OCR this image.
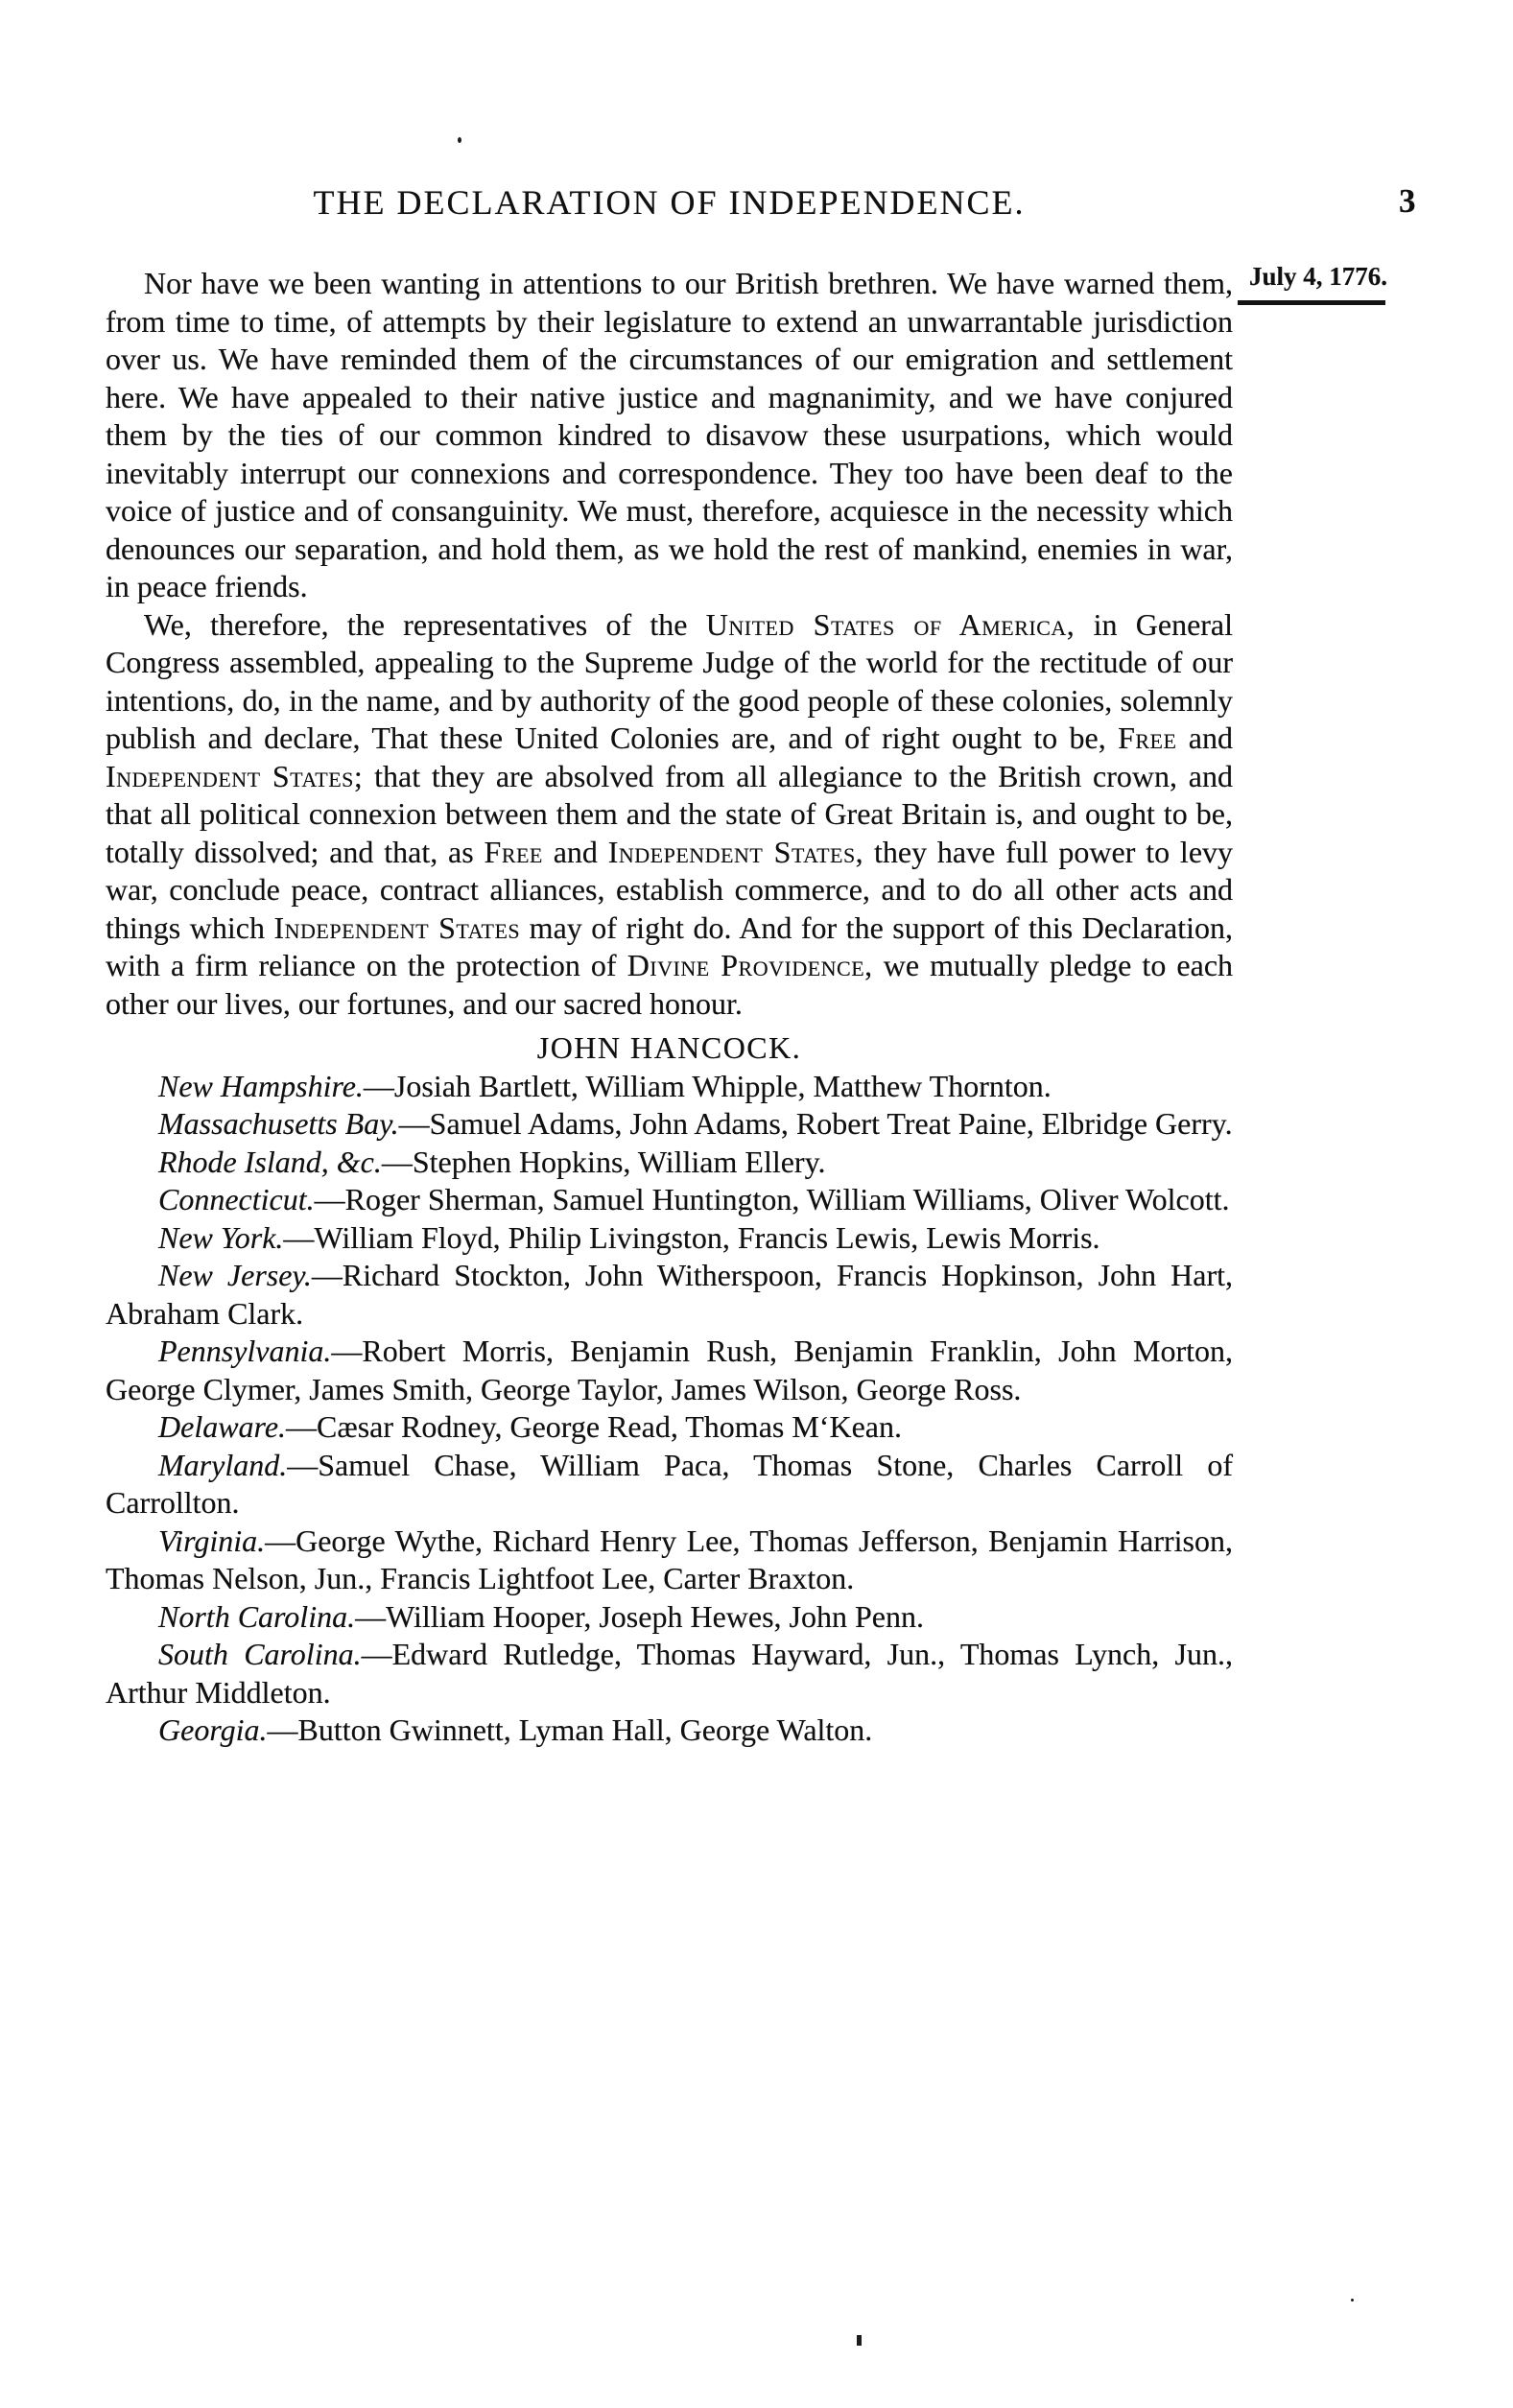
THE DECLARATION OF INDEPENDENCE.	3
July 4, 1776.

Nor have we been wanting in attentions to our British brethren. We have warned them, from time to time, of attempts by their legislature to extend an unwarrantable jurisdiction over us. We have reminded them of the circumstances of our emigration and settlement here. We have appealed to their native justice and magnanimity, and we have conjured them by the ties of our common kindred to disavow these usurpations, which would inevitably interrupt our connexions and correspondence. They too have been deaf to the voice of justice and of consanguinity. We must, therefore, acquiesce in the necessity which denounces our separation, and hold them, as we hold the rest of mankind, enemies in war, in peace friends.

We, therefore, the representatives of the United States of America, in General Congress assembled, appealing to the Supreme Judge of the world for the rectitude of our intentions, do, in the name, and by authority of the good people of these colonies, solemnly publish and declare, That these United Colonies are, and of right ought to be, Free and Independent States; that they are absolved from all allegiance to the British crown, and that all political connexion between them and the state of Great Britain is, and ought to be, totally dissolved; and that, as Free and Independent States, they have full power to levy war, conclude peace, contract alliances, establish commerce, and to do all other acts and things which Independent States may of right do. And for the support of this Declaration, with a firm reliance on the protection of Divine Providence, we mutually pledge to each other our lives, our fortunes, and our sacred honour.

JOHN HANCOCK.

New Hampshire.—Josiah Bartlett, William Whipple, Matthew Thornton.

Massachusetts Bay.—Samuel Adams, John Adams, Robert Treat Paine, Elbridge Gerry.

Rhode Island, &c.—Stephen Hopkins, William Ellery.

Connecticut.—Roger Sherman, Samuel Huntington, William Williams, Oliver Wolcott.

New York.—William Floyd, Philip Livingston, Francis Lewis, Lewis Morris.

New Jersey.—Richard Stockton, John Witherspoon, Francis Hopkinson, John Hart, Abraham Clark.

Pennsylvania.—Robert Morris, Benjamin Rush, Benjamin Franklin, John Morton, George Clymer, James Smith, George Taylor, James Wilson, George Ross.

Delaware.—Cæsar Rodney, George Read, Thomas M‘Kean.

Maryland.—Samuel Chase, William Paca, Thomas Stone, Charles Carroll of Carrollton.

Virginia.—George Wythe, Richard Henry Lee, Thomas Jefferson, Benjamin Harrison, Thomas Nelson, Jun., Francis Lightfoot Lee, Carter Braxton.

North Carolina.—William Hooper, Joseph Hewes, John Penn.

South Carolina.—Edward Rutledge, Thomas Hayward, Jun., Thomas Lynch, Jun., Arthur Middleton.

Georgia.—Button Gwinnett, Lyman Hall, George Walton.
